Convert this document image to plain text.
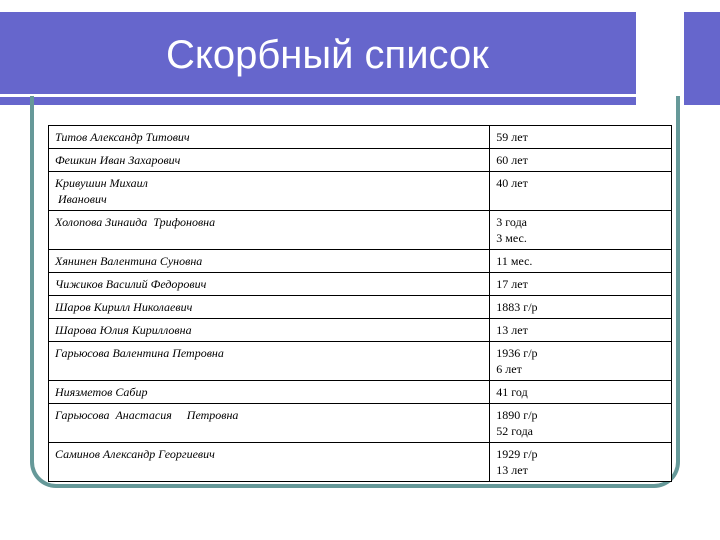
Скорбный список
Титов Александр Титович	59 лет

Фешкин Иван Захарович	60 лет

Кривушин Михаил
Иванович	40 лет

Холопова Зинаида  Трифоновна	3 года
3 мес.

Хянинен Валентина Суновна	11 мес.

Чижиков Василий Федорович	17 лет

Шаров Кирилл Николаевич	1883 г/р

Шарова Юлия Кирилловна	13 лет

Гарьюсова Валентина Петровна	1936 г/р
6 лет

Ниязметов Сабир	41 год

Гарьюсова  Анастасия     Петровна	1890 г/р
52 года

Саминов Александр Георгиевич	1929 г/р
13 лет
